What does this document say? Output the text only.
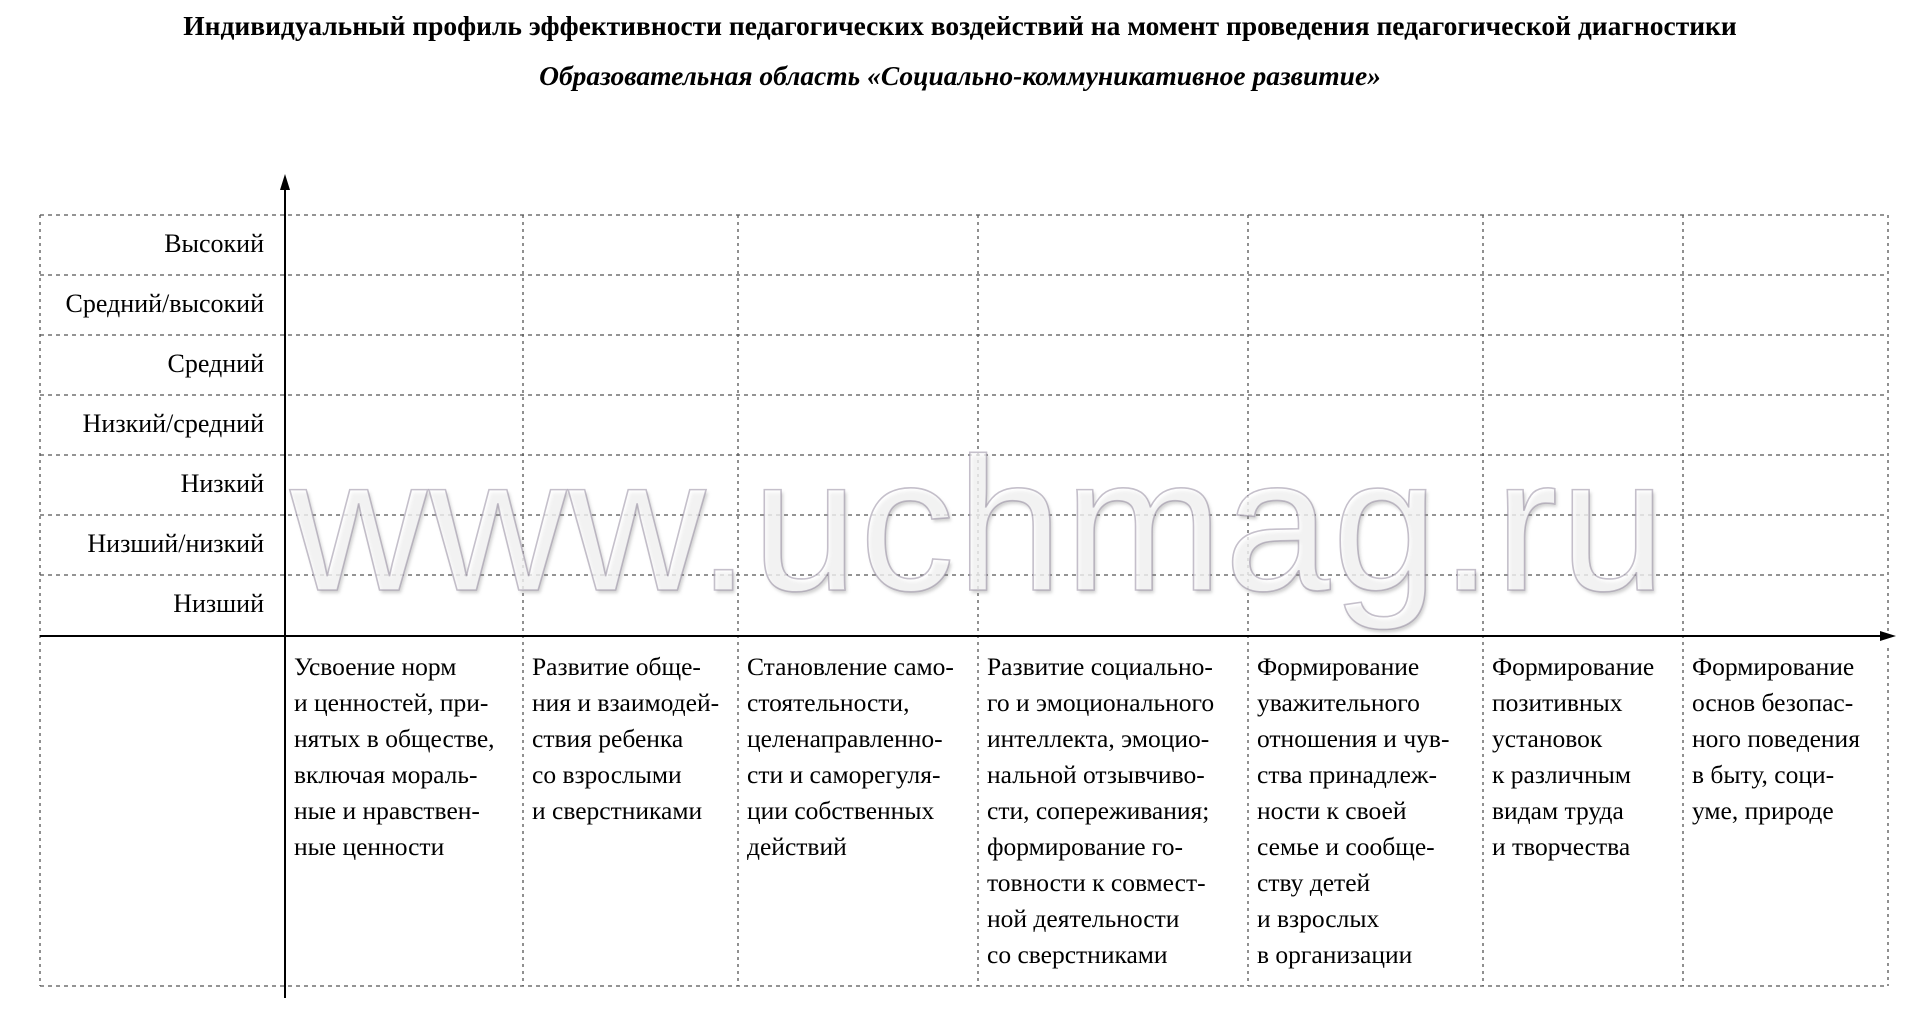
Индивидуальный профиль эффективности педагогических воздействий на момент проведения педагогической диагностики
Образовательная область «Социально-коммуникативное развитие»
Высокий
Средний/высокий
Средний
Низкий/средний
Низкий
Низший/низкий
Низший
Усвоение норм
и ценностей, при-
нятых в обществе,
включая мораль-
ные и нравствен-
ные ценности
Развитие обще-
ния и взаимодей-
ствия ребенка
со взрослыми
и сверстниками
Становление само-
стоятельности,
целенаправленно-
сти и саморегуля-
ции собственных
действий
Развитие социально-
го и эмоционального
интеллекта, эмоцио-
нальной отзывчиво-
сти, сопереживания;
формирование го-
товности к совмест-
ной деятельности
со сверстниками
Формирование
уважительного
отношения и чув-
ства принадлеж-
ности к своей
семье и сообще-
ству детей
и взрослых
в организации
Формирование
позитивных
установок
к различным
видам труда
и творчества
Формирование
основ безопас-
ного поведения
в быту, соци-
уме, природе
www.uchmag.ru
